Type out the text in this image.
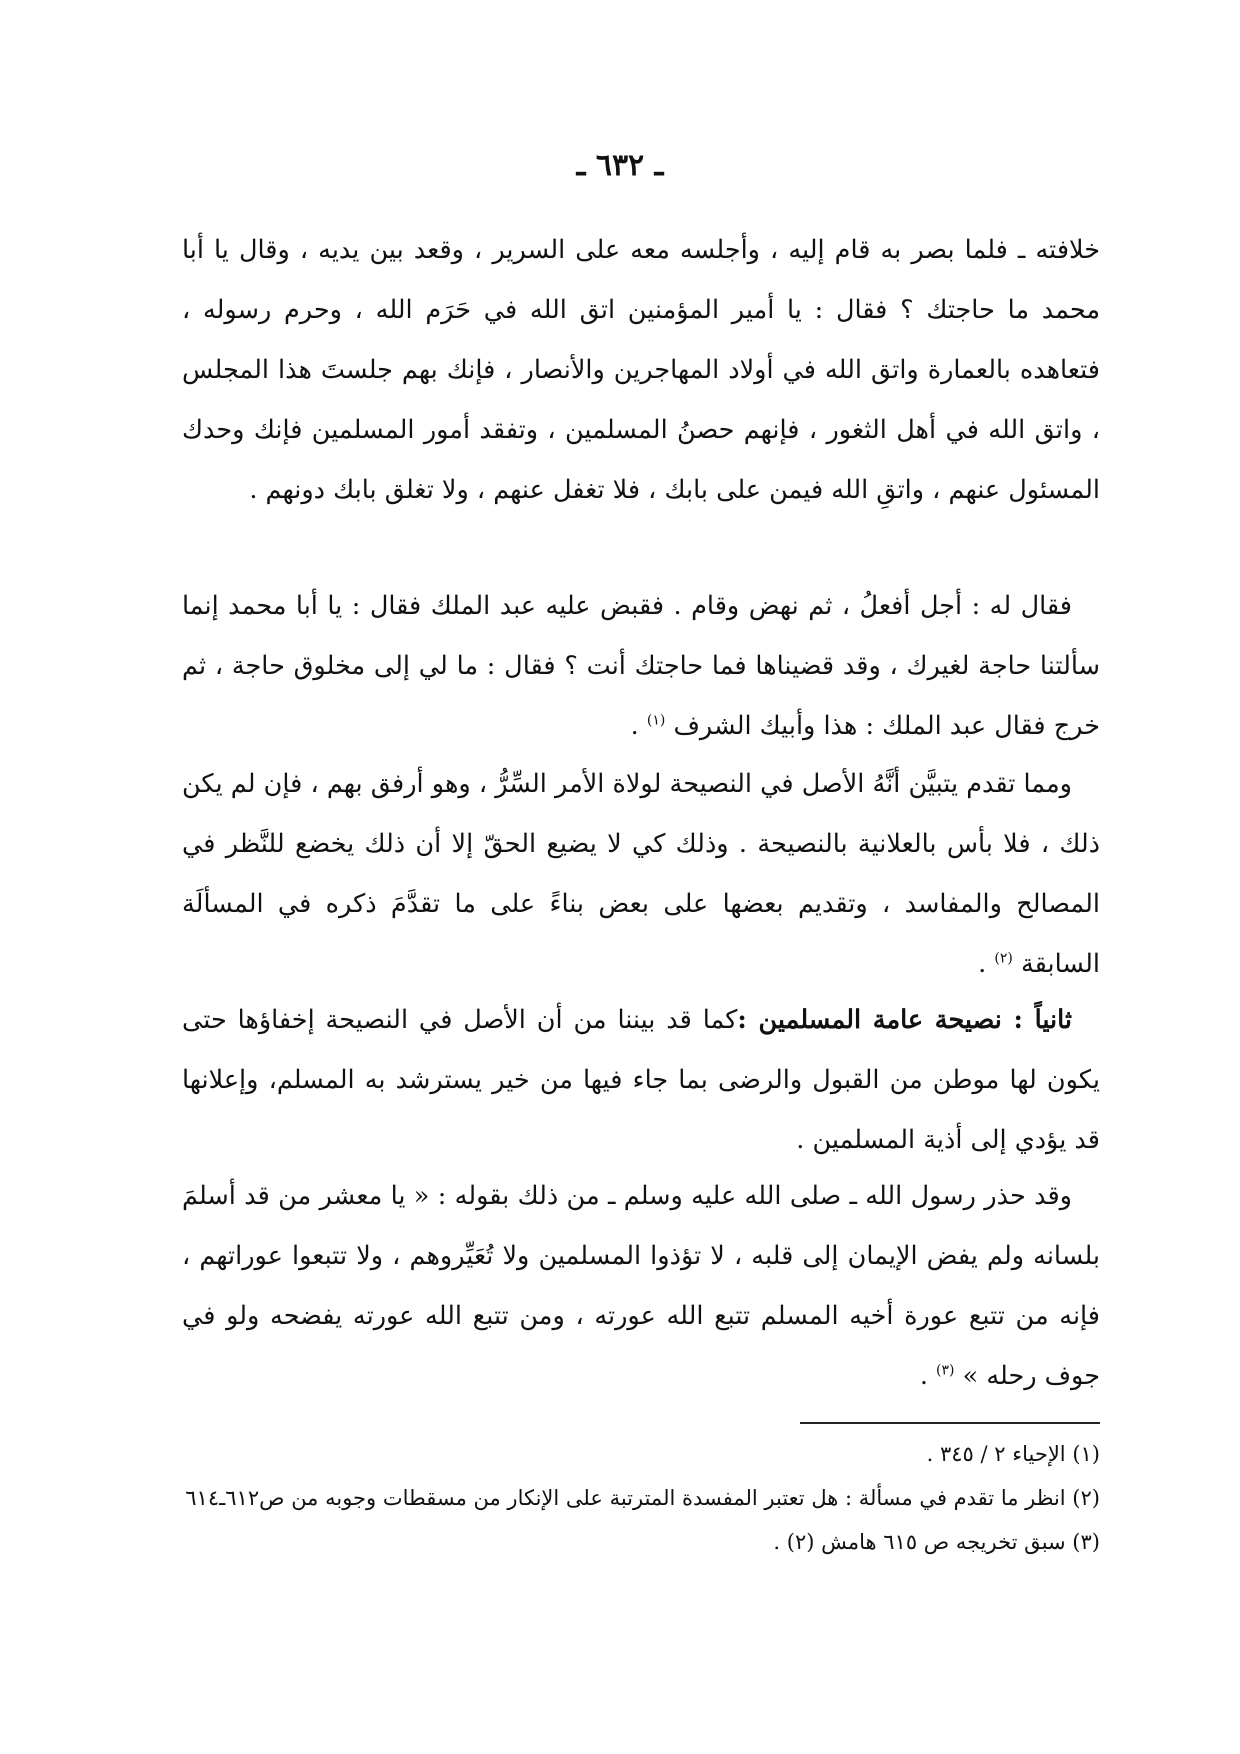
ـ ٦٣٢ ـ

خلافته ـ فلما بصر به قام إليه ، وأجلسه معه على السرير ، وقعد بين يديه ، وقال يا أبا محمد ما حاجتك ؟ فقال : يا أمير المؤمنين اتق الله في حَرَم الله ، وحرم رسوله ، فتعاهده بالعمارة واتق الله في أولاد المهاجرين والأنصار ، فإنك بهم جلستَ هذا المجلس ، واتق الله في أهل الثغور ، فإنهم حصنُ المسلمين ، وتفقد أمور المسلمين فإنك وحدك المسئول عنهم ، واتقِ الله فيمن على بابك ، فلا تغفل عنهم ، ولا تغلق بابك دونهم .

فقال له : أجل أفعلُ ، ثم نهض وقام . فقبض عليه عبد الملك فقال : يا أبا محمد إنما سألتنا حاجة لغيرك ، وقد قضيناها فما حاجتك أنت ؟ فقال : ما لي إلى مخلوق حاجة ، ثم خرج فقال عبد الملك : هذا وأبيك الشرف $^{(١)}$ .

ومما تقدم يتبيَّن أنَّهُ الأصل في النصيحة لولاة الأمر السِّرُّ ، وهو أرفق بهم ، فإن لم يكن ذلك ، فلا بأس بالعلانية بالنصيحة . وذلك كي لا يضيع الحقّ إلا أن ذلك يخضع للنَّظر في المصالح والمفاسد ، وتقديم بعضها على بعض بناءً على ما تقدَّمَ ذكره في المسألَة السابقة $^{(٢)}$ .

ثانياً : نصيحة عامة المسلمين :كما قد بيننا من أن الأصل في النصيحة إخفاؤها حتى يكون لها موطن من القبول والرضى بما جاء فيها من خير يسترشد به المسلم، وإعلانها قد يؤدي إلى أذية المسلمين .

وقد حذر رسول الله ـ صلى الله عليه وسلم ـ من ذلك بقوله : « يا معشر من قد أسلمَ بلسانه ولم يفض الإيمان إلى قلبه ، لا تؤذوا المسلمين ولا تُعَيِّروهم ، ولا تتبعوا عوراتهم ، فإنه من تتبع عورة أخيه المسلم تتبع الله عورته ، ومن تتبع الله عورته يفضحه ولو في جوف رحله » $^{(٣)}$ .

(١) الإحياء ٢ / ٣٤٥ .

(٢) انظر ما تقدم في مسألة : هل تعتبر المفسدة المترتبة على الإنكار من مسقطات وجوبه من ص٦١٢ـ٦١٤

(٣) سبق تخريجه ص ٦١٥ هامش (٢) .
